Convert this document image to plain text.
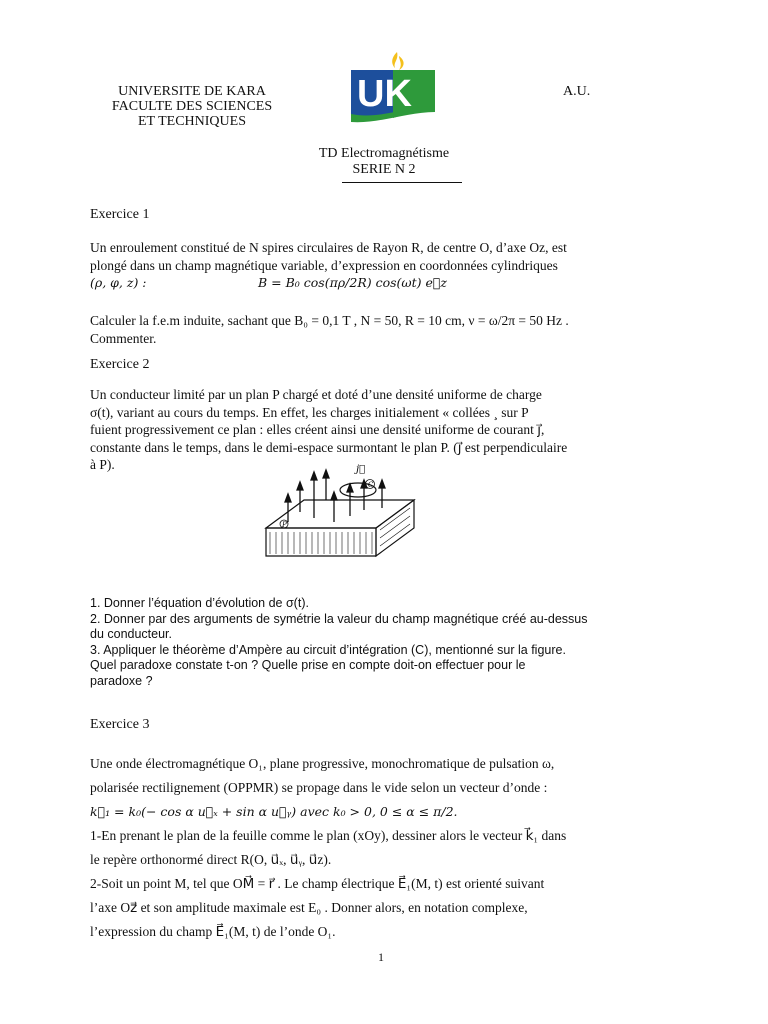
UNIVERSITE DE KARA
FACULTE DES SCIENCES
ET TECHNIQUES
UK	A.U.
TD Electromagnétisme
SERIE N 2
Exercice 1
Un enroulement constitué de N spires circulaires de Rayon R, de centre O, d’axe Oz, est
plongé dans un champ magnétique variable, d’expression en coordonnées cylindriques
(ρ, φ, z) :	B = B₀ cos(πρ/2R) cos(ωt) e⃗z
Calculer la f.e.m induite, sachant que B₀ = 0,1 T , N = 50, R = 10 cm, ν = ω/2π = 50 Hz .
Commenter.
Exercice 2
Un conducteur limité par un plan P chargé et doté d’une densité uniforme de charge
σ(t), variant au cours du temps. En effet, les charges initialement « collées ¸ sur P
fuient progressivement ce plan : elles créent ainsi une densité uniforme de courant j⃗,
constante dans le temps, dans le demi-espace surmontant le plan P. (j⃗ est perpendiculaire
à P).
C
j⃗
P
1. Donner l’équation d’évolution de σ(t).
2. Donner par des arguments de symétrie la valeur du champ magnétique créé au-dessus
du conducteur.
3. Appliquer le théorème d’Ampère au circuit d’intégration (C), mentionné sur la figure.
Quel paradoxe constate t-on ? Quelle prise en compte doit-on effectuer pour le
paradoxe ?
Exercice 3
Une onde électromagnétique O₁, plane progressive, monochromatique de pulsation ω,
polarisée rectilignement (OPPMR) se propage dans le vide selon un vecteur d’onde :
k⃗₁ = k₀(− cos α u⃗ₓ + sin α u⃗ᵧ) avec k₀ > 0, 0 ≤ α ≤ π/2.
1-En prenant le plan de la feuille comme le plan (xOy), dessiner alors le vecteur k⃗₁ dans
le repère orthonormé direct R(O, u⃗ₓ, u⃗ᵧ, u⃗z).
2-Soit un point M, tel que OM⃗ = r⃗ . Le champ électrique E⃗₁(M, t) est orienté suivant
l’axe Oz⃗ et son amplitude maximale est E₀ . Donner alors, en notation complexe,
l’expression du champ E⃗₁(M, t) de l’onde O₁.
1
